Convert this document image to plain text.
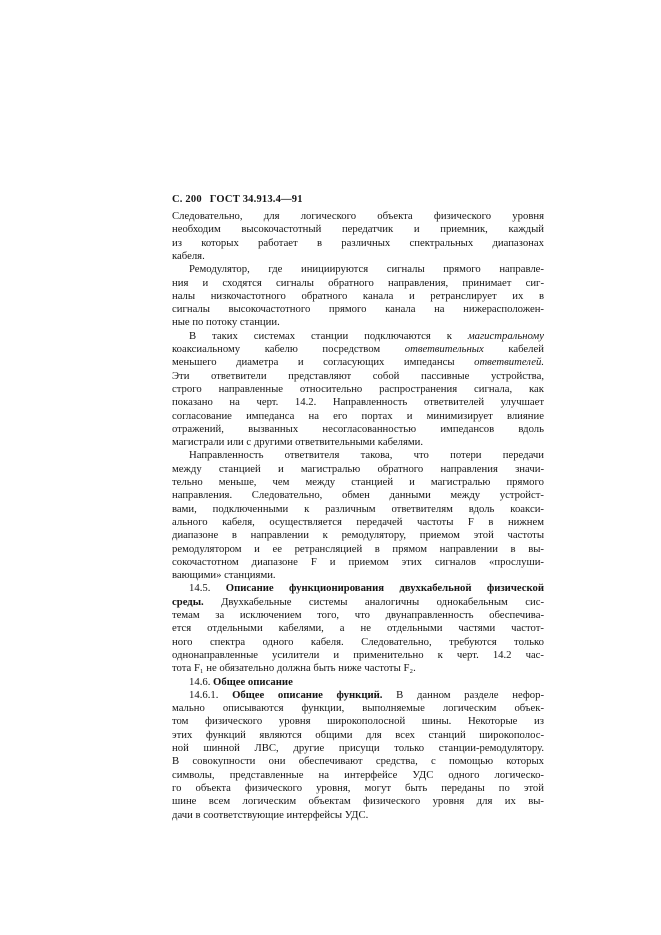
С. 200 ГОСТ 34.913.4—91
Следовательно, для логического объекта физического уровня
необходим высокочастотный передатчик и приемник, каждый
из которых работает в различных спектральных диапазонах
кабеля.
Ремодулятор, где инициируются сигналы прямого направле-
ния и сходятся сигналы обратного направления, принимает сиг-
налы низкочастотного обратного канала и ретранслирует их в
сигналы высокочастотного прямого канала на нижерасположен-
ные по потоку станции.
В таких системах станции подключаются к магистральному
коаксиальному кабелю посредством ответвительных кабелей
меньшего диаметра и согласующих импедансы ответвителей.
Эти ответвители представляют собой пассивные устройства,
строго направленные относительно распространения сигнала, как
показано на черт. 14.2. Направленность ответвителей улучшает
согласование импеданса на его портах и минимизирует влияние
отражений, вызванных несогласованностью импедансов вдоль
магистрали или с другими ответвительными кабелями.
Направленность ответвителя такова, что потери передачи
между станцией и магистралью обратного направления значи-
тельно меньше, чем между станцией и магистралью прямого
направления. Следовательно, обмен данными между устройст-
вами, подключенными к различным ответвителям вдоль коакси-
ального кабеля, осуществляется передачей частоты F в нижнем
диапазоне в направлении к ремодулятору, приемом этой частоты
ремодулятором и ее ретрансляцией в прямом направлении в вы-
сокочастотном диапазоне F и приемом этих сигналов «прослуши-
вающими» станциями.
14.5. Описание функционирования двухкабельной физической
среды. Двухкабельные системы аналогичны однокабельным сис-
темам за исключением того, что двунаправленность обеспечива-
ется отдельными кабелями, а не отдельными частями частот-
ного спектра одного кабеля. Следовательно, требуются только
однонаправленные усилители и применительно к черт. 14.2 час-
тота F₁ не обязательно должна быть ниже частоты F₂.
14.6. Общее описание
14.6.1. Общее описание функций. В данном разделе нефор-
мально описываются функции, выполняемые логическим объек-
том физического уровня широкополосной шины. Некоторые из
этих функций являются общими для всех станций широкополос-
ной шинной ЛВС, другие присущи только станции-ремодулятору.
В совокупности они обеспечивают средства, с помощью которых
символы, представленные на интерфейсе УДС одного логическо-
го объекта физического уровня, могут быть переданы по этой
шине всем логическим объектам физического уровня для их вы-
дачи в соответствующие интерфейсы УДС.
